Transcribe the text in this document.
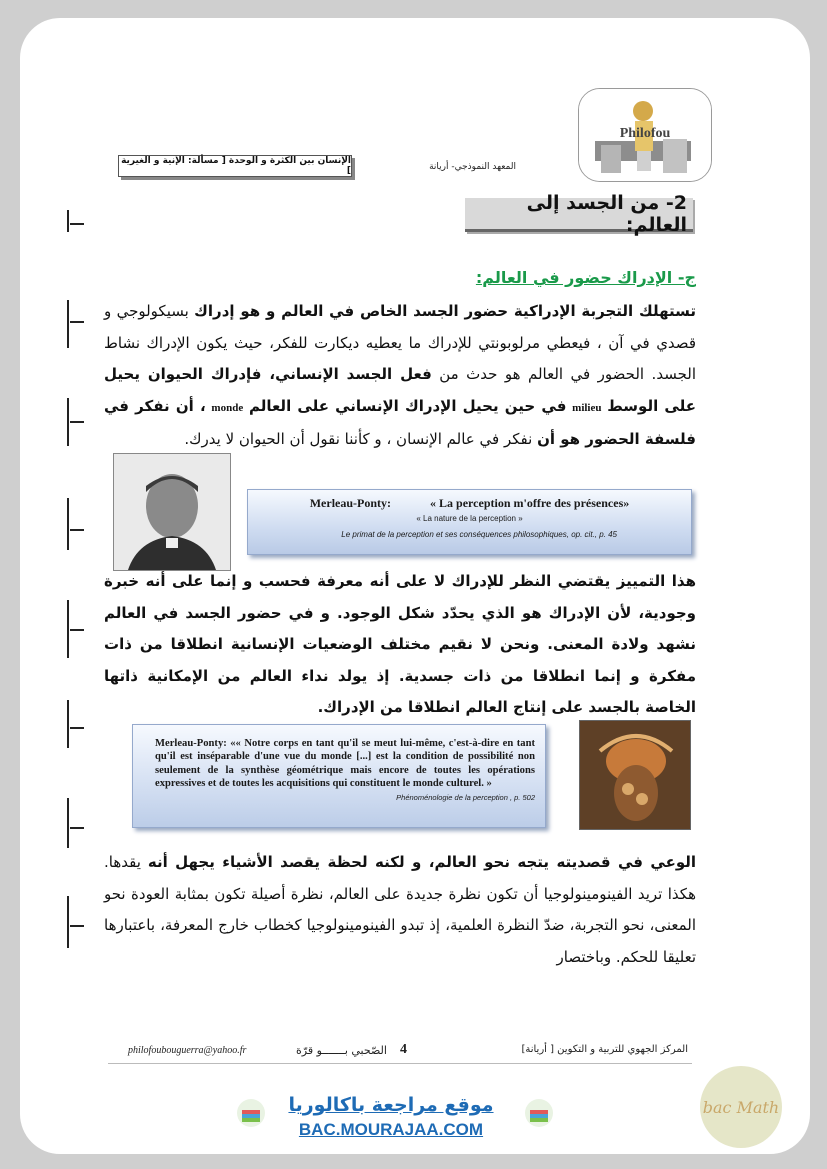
Philofou
المعهد النموذجي- أريانة
الإنسان بين الكثرة و الوحدة [ مسألة: الإنية و الغيرية ]
2- من الجسد إلى العالم:
ج- الإدراك حضور في العالم:

تستهلك التجربة الإدراكية حضور الجسد الخاص في العالم و هو إدراك بسيكولوجي و قصدي في آن ، فيعطي مرلوبونتي للإدراك ما يعطيه ديكارت للفكر، حيث يكون الإدراك نشاط الجسد. الحضور في العالم هو حدث من فعل الجسد الإنساني، فإدراك الحيوان يحيل على الوسط milieu في حين يحيل الإدراك الإنساني على العالم monde ، أن نفكر في فلسفة الحضور هو أن نفكر في عالم الإنسان ، و كأننا نقول أن الحيوان لا يدرك.

Merleau-Ponty:	« La perception m'offre des présences»
« La nature de la perception »
Le primat de la perception et ses conséquences philosophiques, op. cit., p. 45

هذا التمييز يقتضي النظر للإدراك لا على أنه معرفة فحسب و إنما على أنه خبرة وجودية، لأن الإدراك هو الذي يحدّد شكل الوجود. و في حضور الجسد في العالم نشهد ولادة المعنى. ونحن لا نقيم مختلف الوضعيات الإنسانية انطلاقا من ذات مفكرة و إنما انطلاقا من ذات جسدية. إذ يولد نداء العالم من الإمكانية ذاتها الخاصة بالجسد على إنتاج العالم انطلاقا من الإدراك.

Merleau-Ponty: «« Notre corps en tant qu'il se meut lui-même, c'est-à-dire en tant qu'il est inséparable d'une vue du monde [...] est la condition de possibilité non seulement de la synthèse géométrique mais encore de toutes les opérations expressives et de toutes les acquisitions qui constituent le monde culturel. »
Phénoménologie de la perception , p. 502

الوعي في قصديته يتجه نحو العالم، و لكنه لحظة يقصد الأشياء يجهل أنه يقدها. هكذا تريد الفينومينولوجيا أن تكون نظرة جديدة على العالم، نظرة أصيلة تكون بمثابة العودة نحو المعنى، نحو التجربة، ضدّ النظرة العلمية، إذ تبدو الفينومينولوجيا كخطاب خارج المعرفة، باعتبارها تعليقا للحكم. وباختصار

philofoubouguerra@yahoo.fr	الصّحبي بـــــــو قرّة 4	المركز الجهوي للتربية و التكوين [ أريانة]
موقع مراجعة باكالوريا
BAC.MOURAJAA.COM
bac Math
